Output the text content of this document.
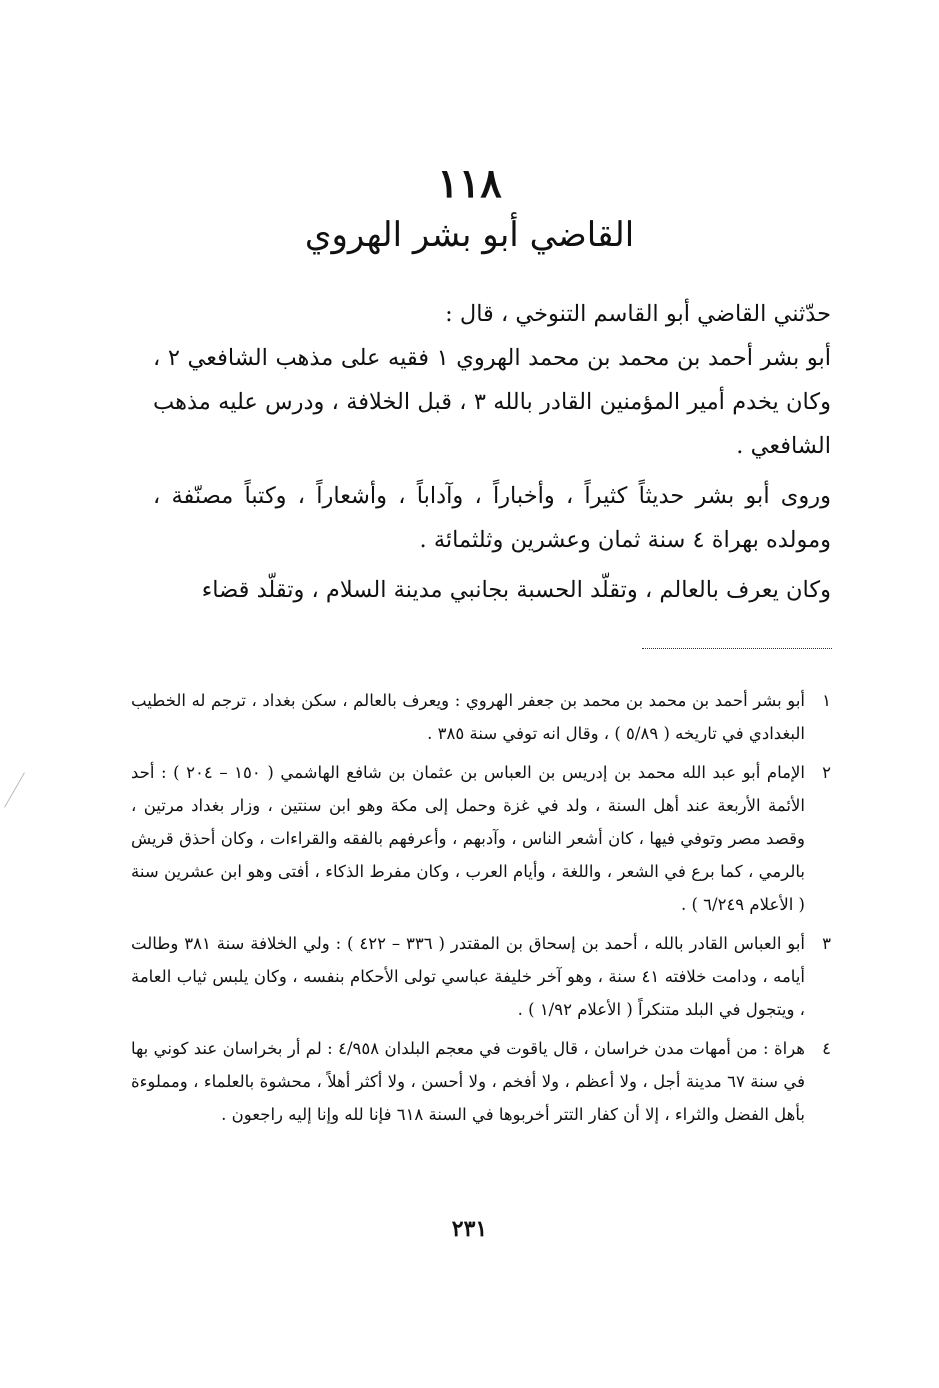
١١٨
القاضي أبو بشر الهروي

حدّثني القاضي أبو القاسم التنوخي ، قال :

أبو بشر أحمد بن محمد بن محمد الهروي ١ فقيه على مذهب الشافعي ٢ ، وكان يخدم أمير المؤمنين القادر بالله ٣ ، قبل الخلافة ، ودرس عليه مذهب الشافعي .

وروى أبو بشر حديثاً كثيراً ، وأخباراً ، وآداباً ، وأشعاراً ، وكتباً مصنّفة ، ومولده بهراة ٤ سنة ثمان وعشرين وثلثمائة .

وكان يعرف بالعالم ، وتقلّد الحسبة بجانبي مدينة السلام ، وتقلّد قضاء

١
أبو بشر أحمد بن محمد بن محمد بن جعفر الهروي : ويعرف بالعالم ، سكن بغداد ، ترجم له الخطيب البغدادي في تاريخه ( ٥/٨٩ ) ، وقال انه توفي سنة ٣٨٥ .
٢
الإمام أبو عبد الله محمد بن إدريس بن العباس بن عثمان بن شافع الهاشمي ( ١٥٠ – ٢٠٤ ) : أحد الأئمة الأربعة عند أهل السنة ، ولد في غزة وحمل إلى مكة وهو ابن سنتين ، وزار بغداد مرتين ، وقصد مصر وتوفي فيها ، كان أشعر الناس ، وآدبهم ، وأعرفهم بالفقه والقراءات ، وكان أحذق قريش بالرمي ، كما برع في الشعر ، واللغة ، وأيام العرب ، وكان مفرط الذكاء ، أفتى وهو ابن عشرين سنة ( الأعلام ٦/٢٤٩ ) .
٣
أبو العباس القادر بالله ، أحمد بن إسحاق بن المقتدر ( ٣٣٦ – ٤٢٢ ) : ولي الخلافة سنة ٣٨١ وطالت أيامه ، ودامت خلافته ٤١ سنة ، وهو آخر خليفة عباسي تولى الأحكام بنفسه ، وكان يلبس ثياب العامة ، ويتجول في البلد متنكراً ( الأعلام ١/٩٢ ) .
٤
هراة : من أمهات مدن خراسان ، قال ياقوت في معجم البلدان ٤/٩٥٨ : لم أر بخراسان عند كوني بها في سنة ٦٧ مدينة أجل ، ولا أعظم ، ولا أفخم ، ولا أحسن ، ولا أكثر أهلاً ، محشوة بالعلماء ، ومملوءة بأهل الفضل والثراء ، إلا أن كفار التتر أخربوها في السنة ٦١٨ فإنا لله وإنا إليه راجعون .
٢٣١
